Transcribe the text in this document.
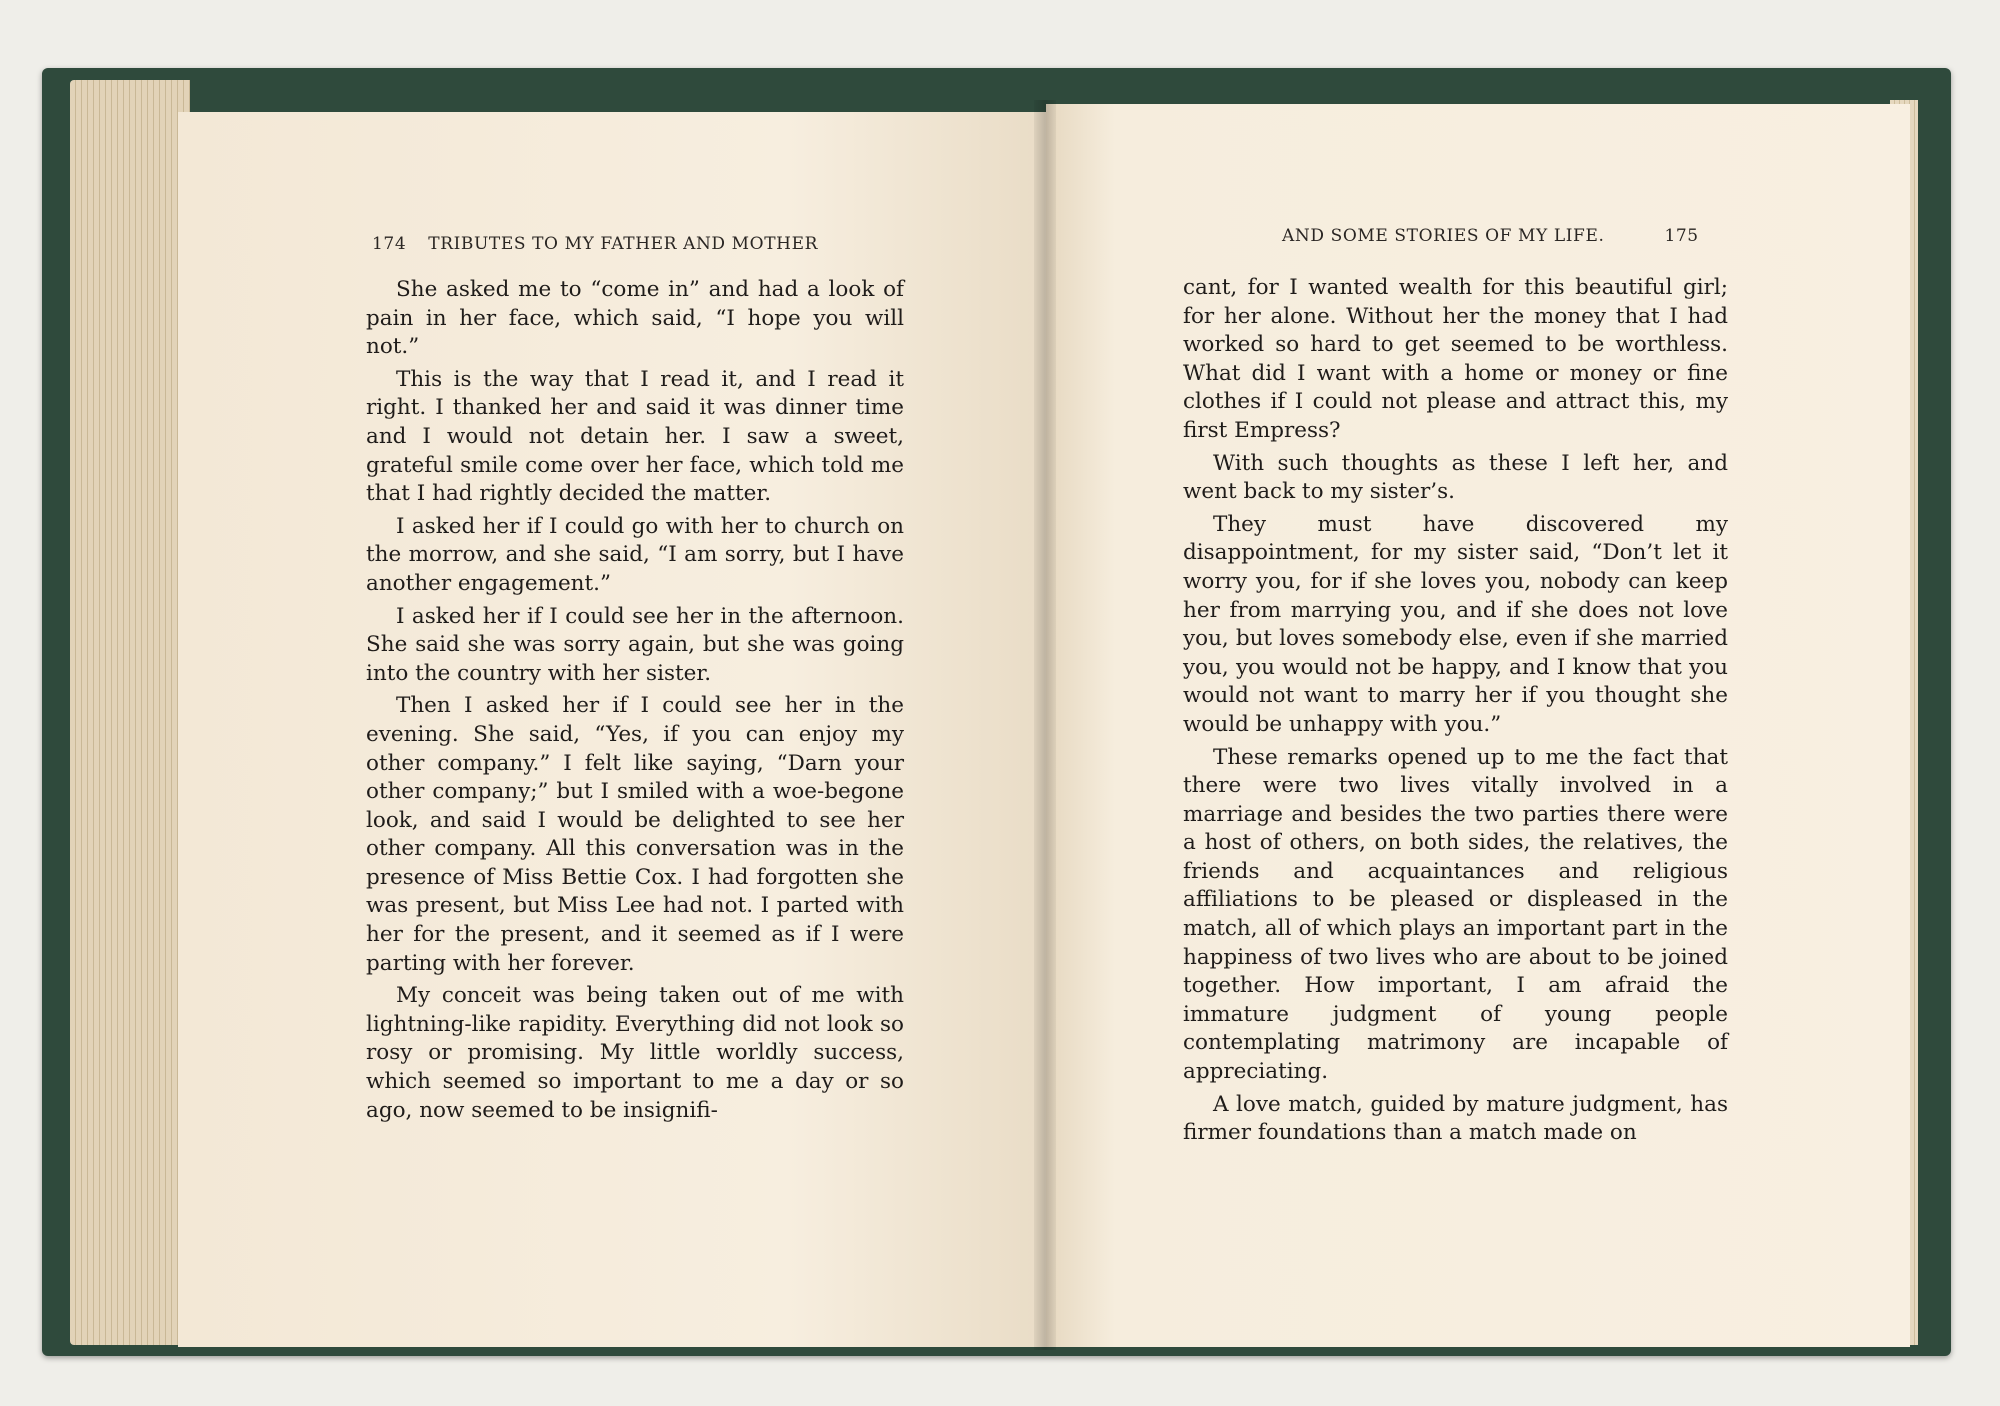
174 TRIBUTES TO MY FATHER AND MOTHER

She asked me to “come in” and had a look of pain in her face, which said, “I hope you will not.”

This is the way that I read it, and I read it right. I thanked her and said it was dinner time and I would not detain her. I saw a sweet, grateful smile come over her face, which told me that I had rightly decided the matter.

I asked her if I could go with her to church on the morrow, and she said, “I am sorry, but I have another engagement.”

I asked her if I could see her in the afternoon. She said she was sorry again, but she was going into the country with her sister.

Then I asked her if I could see her in the evening. She said, “Yes, if you can enjoy my other company.” I felt like saying, “Darn your other company;” but I smiled with a woe-begone look, and said I would be delighted to see her other company. All this conversation was in the presence of Miss Bettie Cox. I had forgotten she was present, but Miss Lee had not. I parted with her for the present, and it seemed as if I were parting with her forever.

My conceit was being taken out of me with lightning-like rapidity. Everything did not look so rosy or promising. My little worldly success, which seemed so important to me a day or so ago, now seemed to be insignifi-

AND SOME STORIES OF MY LIFE.	175

cant, for I wanted wealth for this beautiful girl; for her alone. Without her the money that I had worked so hard to get seemed to be worthless. What did I want with a home or money or fine clothes if I could not please and attract this, my first Empress?

With such thoughts as these I left her, and went back to my sister’s.

They must have discovered my disappointment, for my sister said, “Don’t let it worry you, for if she loves you, nobody can keep her from marrying you, and if she does not love you, but loves somebody else, even if she married you, you would not be happy, and I know that you would not want to marry her if you thought she would be unhappy with you.”

These remarks opened up to me the fact that there were two lives vitally involved in a marriage and besides the two parties there were a host of others, on both sides, the relatives, the friends and acquaintances and religious affiliations to be pleased or displeased in the match, all of which plays an important part in the happiness of two lives who are about to be joined together. How important, I am afraid the immature judgment of young people contemplating matrimony are incapable of appreciating.

A love match, guided by mature judgment, has firmer foundations than a match made on
